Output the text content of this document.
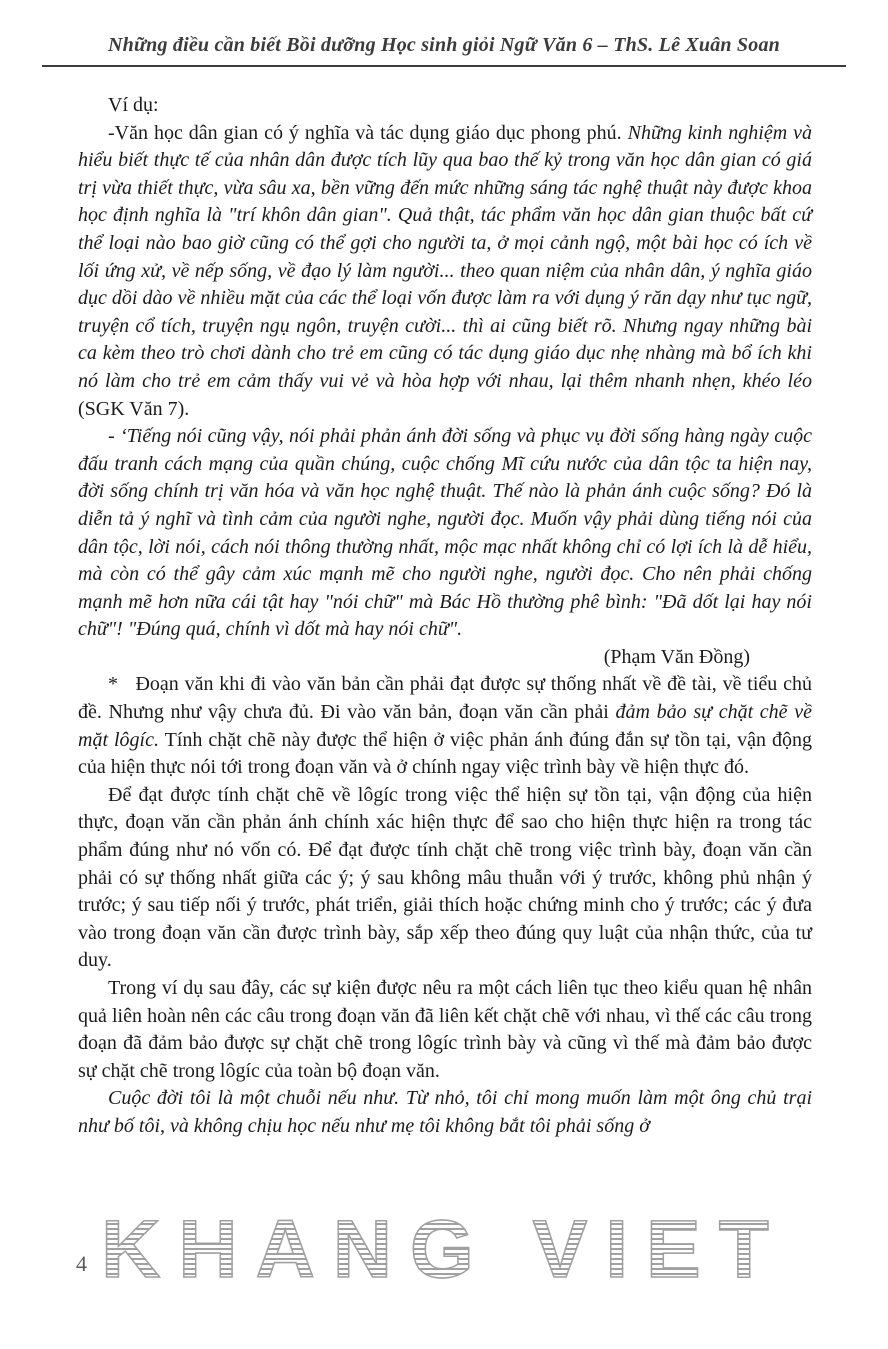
Những điều cần biết Bồi dưỡng Học sinh giỏi Ngữ Văn 6 – ThS. Lê Xuân Soan

Ví dụ:

-Văn học dân gian có ý nghĩa và tác dụng giáo dục phong phú. Những kinh nghiệm và hiểu biết thực tế của nhân dân được tích lũy qua bao thế kỷ trong văn học dân gian có giá trị vừa thiết thực, vừa sâu xa, bền vững đến mức những sáng tác nghệ thuật này được khoa học định nghĩa là "trí khôn dân gian". Quả thật, tác phẩm văn học dân gian thuộc bất cứ thể loại nào bao giờ cũng có thể gợi cho người ta, ở mọi cảnh ngộ, một bài học có ích về lối ứng xử, về nếp sống, về đạo lý làm người... theo quan niệm của nhân dân, ý nghĩa giáo dục dồi dào về nhiều mặt của các thể loại vốn được làm ra với dụng ý răn dạy như tục ngữ, truyện cổ tích, truyện ngụ ngôn, truyện cười... thì ai cũng biết rõ. Nhưng ngay những bài ca kèm theo trò chơi dành cho trẻ em cũng có tác dụng giáo dục nhẹ nhàng mà bổ ích khi nó làm cho trẻ em cảm thấy vui vẻ và hòa hợp với nhau, lại thêm nhanh nhẹn, khéo léo (SGK Văn 7).

- ‘Tiếng nói cũng vậy, nói phải phản ánh đời sống và phục vụ đời sống hàng ngày cuộc đấu tranh cách mạng của quần chúng, cuộc chống Mĩ cứu nước của dân tộc ta hiện nay, đời sống chính trị văn hóa và văn học nghệ thuật. Thế nào là phản ánh cuộc sống? Đó là diễn tả ý nghĩ và tình cảm của người nghe, người đọc. Muốn vậy phải dùng tiếng nói của dân tộc, lời nói, cách nói thông thường nhất, mộc mạc nhất không chỉ có lợi ích là dễ hiểu, mà còn có thể gây cảm xúc mạnh mẽ cho người nghe, người đọc. Cho nên phải chống mạnh mẽ hơn nữa cái tật hay "nói chữ" mà Bác Hồ thường phê bình: "Đã dốt lại hay nói chữ"! "Đúng quá, chính vì dốt mà hay nói chữ".

(Phạm Văn Đồng)

*   Đoạn văn khi đi vào văn bản cần phải đạt được sự thống nhất về đề tài, về tiểu chủ đề. Nhưng như vậy chưa đủ. Đi vào văn bản, đoạn văn cần phải đảm bảo sự chặt chẽ về mặt lôgíc. Tính chặt chẽ này được thể hiện ở việc phản ánh đúng đắn sự tồn tại, vận động của hiện thực nói tới trong đoạn văn và ở chính ngay việc trình bày về hiện thực đó.

Để đạt được tính chặt chẽ về lôgíc trong việc thể hiện sự tồn tại, vận động của hiện thực, đoạn văn cần phản ánh chính xác hiện thực để sao cho hiện thực hiện ra trong tác phẩm đúng như nó vốn có. Để đạt được tính chặt chẽ trong việc trình bày, đoạn văn cần phải có sự thống nhất giữa các ý; ý sau không mâu thuẫn với ý trước, không phủ nhận ý trước; ý sau tiếp nối ý trước, phát triển, giải thích hoặc chứng minh cho ý trước; các ý đưa vào trong đoạn văn cần được trình bày, sắp xếp theo đúng quy luật của nhận thức, của tư duy.

Trong ví dụ sau đây, các sự kiện được nêu ra một cách liên tục theo kiểu quan hệ nhân quả liên hoàn nên các câu trong đoạn văn đã liên kết chặt chẽ với nhau, vì thế các câu trong đoạn đã đảm bảo được sự chặt chẽ trong lôgíc trình bày và cũng vì thế mà đảm bảo được sự chặt chẽ trong lôgíc của toàn bộ đoạn văn.

Cuộc đời tôi là một chuỗi nếu như. Từ nhỏ, tôi chỉ mong muốn làm một ông chủ trại như bố tôi, và không chịu học nếu như mẹ tôi không bắt tôi phải sống ở

4 KHANG VIET
